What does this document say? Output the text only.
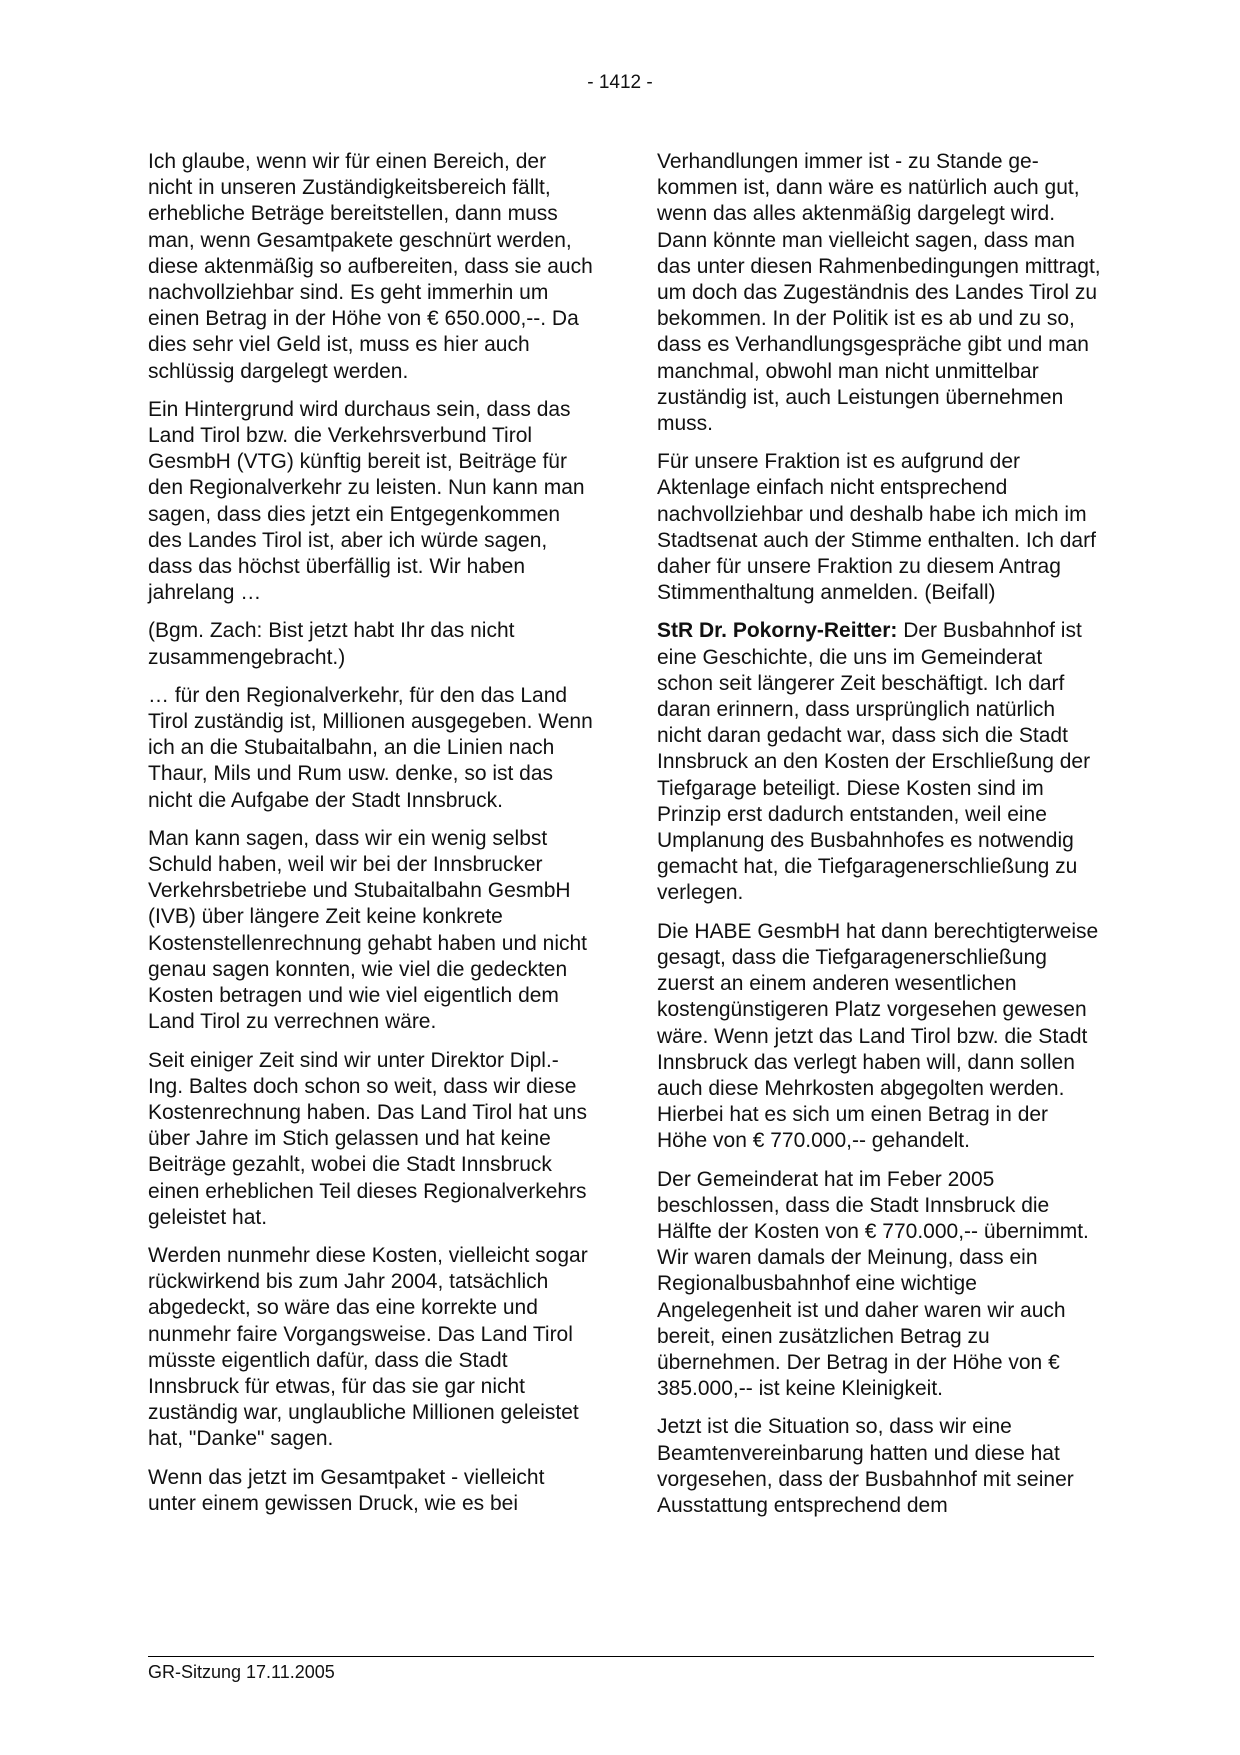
- 1412 -

Ich glaube, wenn wir für einen Bereich, der nicht in unseren Zuständigkeitsbereich fällt, erhebliche Beträge bereitstellen, dann muss man, wenn Gesamtpakete geschnürt werden, diese aktenmäßig so aufbereiten, dass sie auch nachvollziehbar sind. Es geht immerhin um einen Betrag in der Höhe von € 650.000,--. Da dies sehr viel Geld ist, muss es hier auch schlüssig dargelegt werden.

Ein Hintergrund wird durchaus sein, dass das Land Tirol bzw. die Verkehrsverbund Tirol GesmbH (VTG) künftig bereit ist, Beiträge für den Regionalverkehr zu leisten. Nun kann man sagen, dass dies jetzt ein Entgegenkommen des Landes Tirol ist, aber ich würde sagen, dass das höchst überfällig ist. Wir haben jahrelang …

(Bgm. Zach: Bist jetzt habt Ihr das nicht zusammengebracht.)

… für den Regionalverkehr, für den das Land Tirol zuständig ist, Millionen ausgegeben. Wenn ich an die Stubaitalbahn, an die Linien nach Thaur, Mils und Rum usw. denke, so ist das nicht die Aufgabe der Stadt Innsbruck.

Man kann sagen, dass wir ein wenig selbst Schuld haben, weil wir bei der Innsbrucker Verkehrsbetriebe und Stubaitalbahn GesmbH (IVB) über längere Zeit keine konkrete Kostenstellenrechnung gehabt haben und nicht genau sagen konnten, wie viel die gedeckten Kosten betragen und wie viel eigentlich dem Land Tirol zu verrechnen wäre.

Seit einiger Zeit sind wir unter Direktor Dipl.-Ing. Baltes doch schon so weit, dass wir diese Kostenrechnung haben. Das Land Tirol hat uns über Jahre im Stich gelassen und hat keine Beiträge gezahlt, wobei die Stadt Innsbruck einen erheblichen Teil dieses Regionalverkehrs geleistet hat.

Werden nunmehr diese Kosten, vielleicht sogar rückwirkend bis zum Jahr 2004, tatsächlich abgedeckt, so wäre das eine korrekte und nunmehr faire Vorgangsweise. Das Land Tirol müsste eigentlich dafür, dass die Stadt Innsbruck für etwas, für das sie gar nicht zuständig war, unglaubliche Millionen geleistet hat, "Danke" sagen.

Wenn das jetzt im Gesamtpaket - vielleicht unter einem gewissen Druck, wie es bei

Verhandlungen immer ist - zu Stande gekommen ist, dann wäre es natürlich auch gut, wenn das alles aktenmäßig dargelegt wird. Dann könnte man vielleicht sagen, dass man das unter diesen Rahmenbedingungen mittragt, um doch das Zugeständnis des Landes Tirol zu bekommen. In der Politik ist es ab und zu so, dass es Verhandlungsgespräche gibt und man manchmal, obwohl man nicht unmittelbar zuständig ist, auch Leistungen übernehmen muss.

Für unsere Fraktion ist es aufgrund der Aktenlage einfach nicht entsprechend nachvollziehbar und deshalb habe ich mich im Stadtsenat auch der Stimme enthalten. Ich darf daher für unsere Fraktion zu diesem Antrag Stimmenthaltung anmelden. (Beifall)

StR Dr. Pokorny-Reitter: Der Busbahnhof ist eine Geschichte, die uns im Gemeinderat schon seit längerer Zeit beschäftigt. Ich darf daran erinnern, dass ursprünglich natürlich nicht daran gedacht war, dass sich die Stadt Innsbruck an den Kosten der Erschließung der Tiefgarage beteiligt. Diese Kosten sind im Prinzip erst dadurch entstanden, weil eine Umplanung des Busbahnhofes es notwendig gemacht hat, die Tiefgaragenerschließung zu verlegen.

Die HABE GesmbH hat dann berechtigterweise gesagt, dass die Tiefgaragenerschließung zuerst an einem anderen wesentlichen kostengünstigeren Platz vorgesehen gewesen wäre. Wenn jetzt das Land Tirol bzw. die Stadt Innsbruck das verlegt haben will, dann sollen auch diese Mehrkosten abgegolten werden. Hierbei hat es sich um einen Betrag in der Höhe von € 770.000,-- gehandelt.

Der Gemeinderat hat im Feber 2005 beschlossen, dass die Stadt Innsbruck die Hälfte der Kosten von € 770.000,-- übernimmt. Wir waren damals der Meinung, dass ein Regionalbusbahnhof eine wichtige Angelegenheit ist und daher waren wir auch bereit, einen zusätzlichen Betrag zu übernehmen. Der Betrag in der Höhe von € 385.000,-- ist keine Kleinigkeit.

Jetzt ist die Situation so, dass wir eine Beamtenvereinbarung hatten und diese hat vorgesehen, dass der Busbahnhof mit seiner Ausstattung entsprechend dem

GR-Sitzung 17.11.2005
